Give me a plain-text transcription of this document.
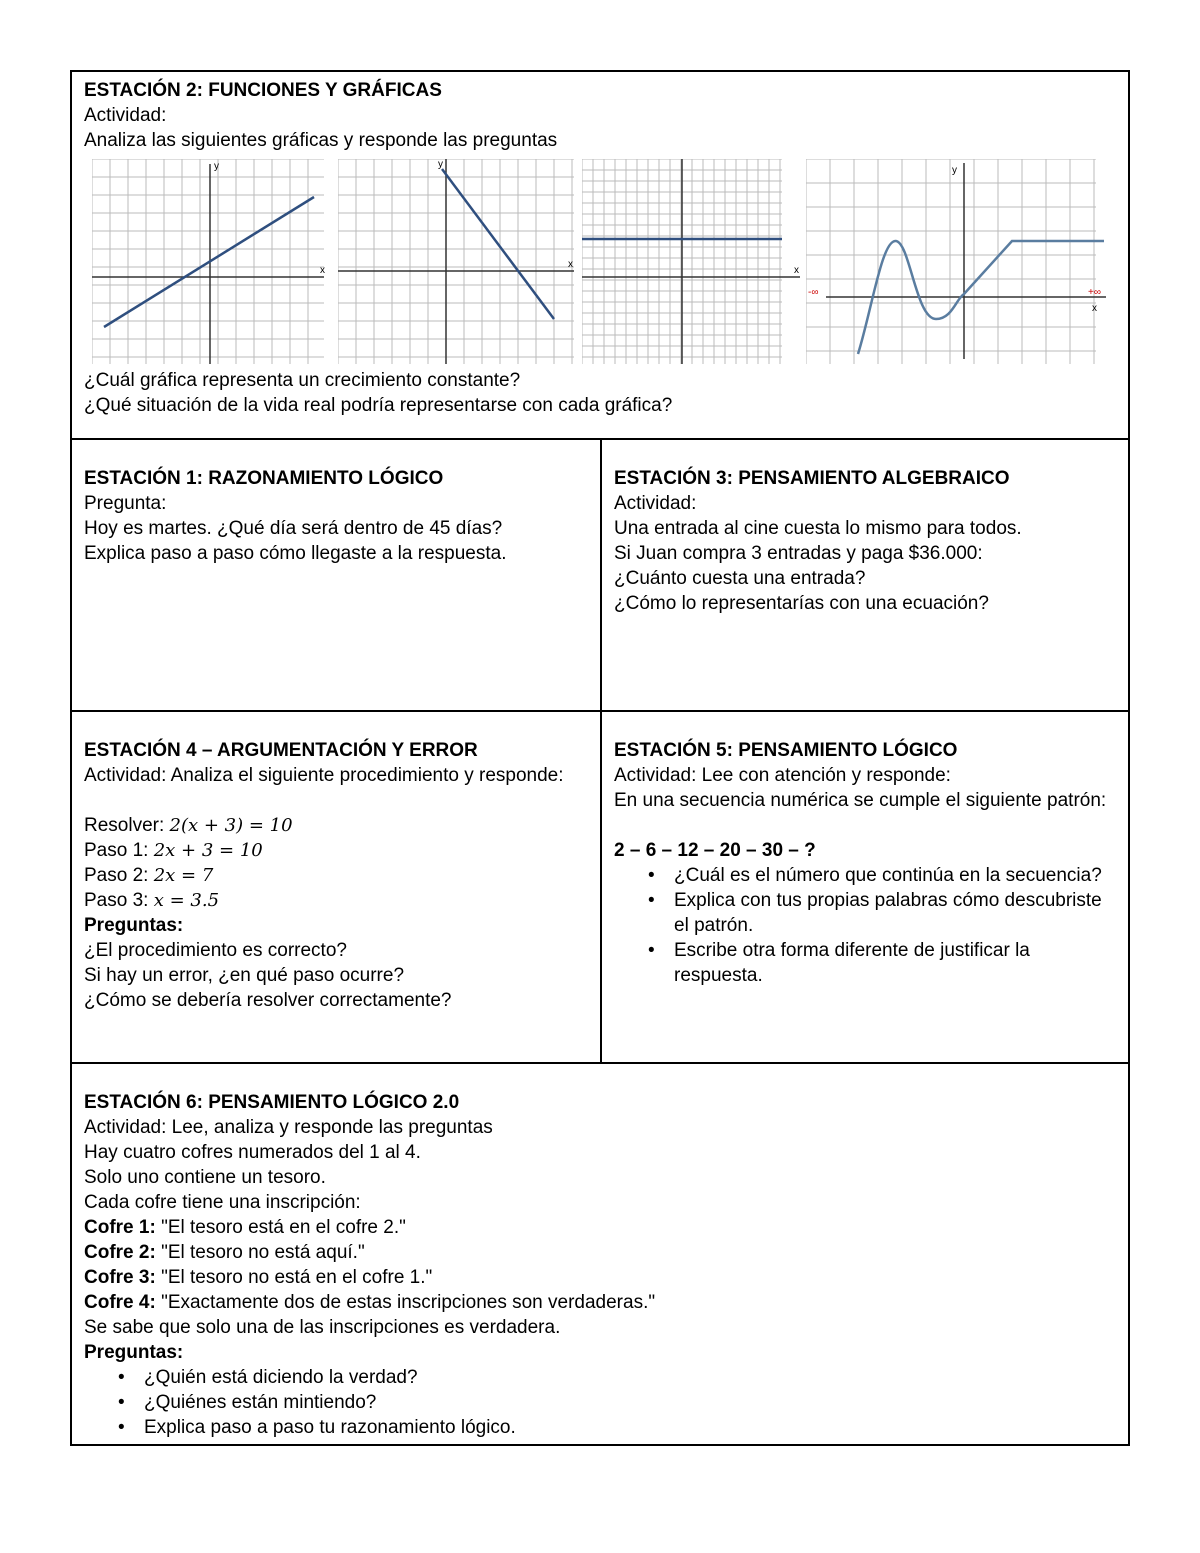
ESTACIÓN 2: FUNCIONES Y GRÁFICAS
Actividad:
Analiza las siguientes gráficas y responde las preguntas
y
x
y
x
x
y
x
-∞	+∞
¿Cuál gráfica representa un crecimiento constante?
¿Qué situación de la vida real podría representarse con cada gráfica?
ESTACIÓN 1: RAZONAMIENTO LÓGICO
Pregunta:
Hoy es martes. ¿Qué día será dentro de 45 días?
Explica paso a paso cómo llegaste a la respuesta.
ESTACIÓN 3: PENSAMIENTO ALGEBRAICO
Actividad:
Una entrada al cine cuesta lo mismo para todos.
Si Juan compra 3 entradas y paga $36.000:
¿Cuánto cuesta una entrada?
¿Cómo lo representarías con una ecuación?
ESTACIÓN 4 – ARGUMENTACIÓN Y ERROR
Actividad: Analiza el siguiente procedimiento y responde:
Resolver: 2(x + 3) = 10
Paso 1: 2x + 3 = 10
Paso 2: 2x = 7
Paso 3: x = 3.5
Preguntas:
¿El procedimiento es correcto?
Si hay un error, ¿en qué paso ocurre?
¿Cómo se debería resolver correctamente?
ESTACIÓN 5: PENSAMIENTO LÓGICO
Actividad: Lee con atención y responde:
En una secuencia numérica se cumple el siguiente patrón:
2 – 6 – 12 – 20 – 30 – ?
• ¿Cuál es el número que continúa en la secuencia?
• Explica con tus propias palabras cómo descubriste el patrón.
• Escribe otra forma diferente de justificar la respuesta.
ESTACIÓN 6: PENSAMIENTO LÓGICO 2.0
Actividad: Lee, analiza y responde las preguntas
Hay cuatro cofres numerados del 1 al 4.
Solo uno contiene un tesoro.
Cada cofre tiene una inscripción:
Cofre 1: "El tesoro está en el cofre 2."
Cofre 2: "El tesoro no está aquí."
Cofre 3: "El tesoro no está en el cofre 1."
Cofre 4: "Exactamente dos de estas inscripciones son verdaderas."
Se sabe que solo una de las inscripciones es verdadera.
Preguntas:
• ¿Quién está diciendo la verdad?
• ¿Quiénes están mintiendo?
• Explica paso a paso tu razonamiento lógico.
